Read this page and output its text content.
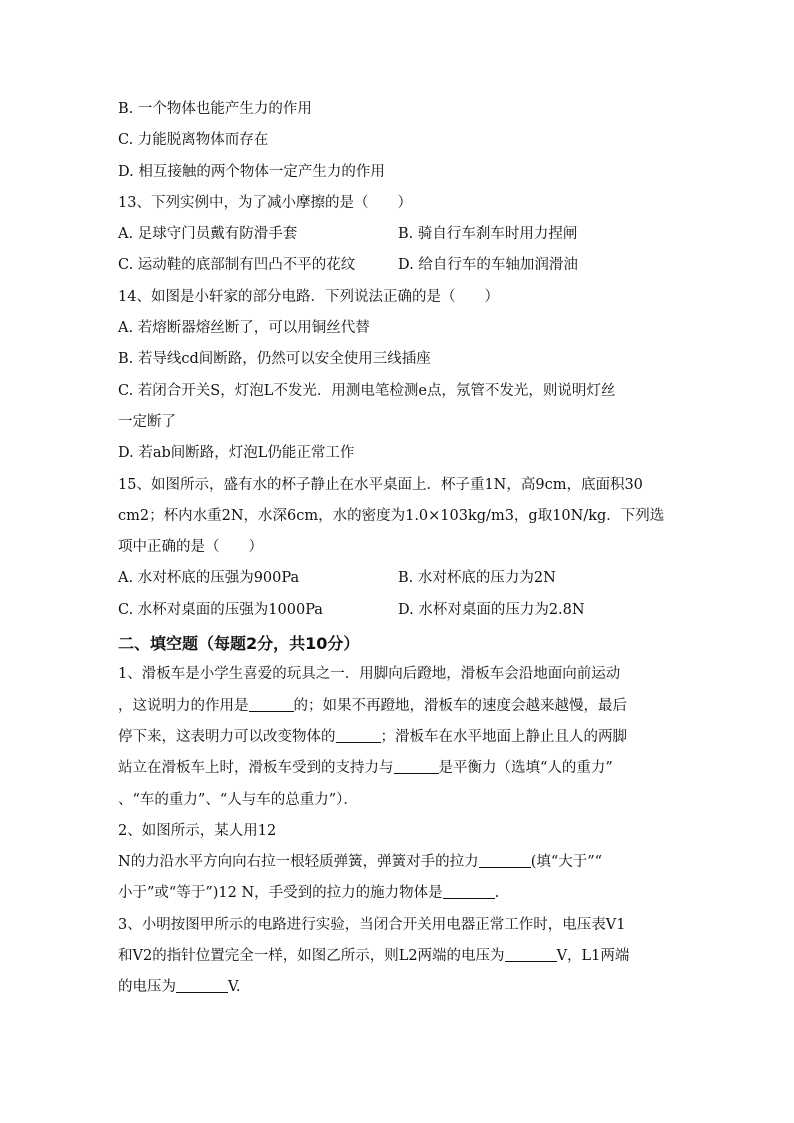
B. 一个物体也能产生力的作用
C. 力能脱离物体而存在
D. 相互接触的两个物体一定产生力的作用
13、下列实例中，为了减小摩擦的是（　　）
A. 足球守门员戴有防滑手套	B. 骑自行车刹车时用力捏闸
C. 运动鞋的底部制有凹凸不平的花纹	D. 给自行车的车轴加润滑油
14、如图是小轩家的部分电路．下列说法正确的是（　　）
A. 若熔断器熔丝断了，可以用铜丝代替
B. 若导线cd间断路，仍然可以安全使用三线插座
C. 若闭合开关S，灯泡L不发光．用测电笔检测e点，氖管不发光，则说明灯丝
一定断了
D. 若ab间断路，灯泡L仍能正常工作
15、如图所示，盛有水的杯子静止在水平桌面上．杯子重1N，高9cm，底面积30
cm2；杯内水重2N，水深6cm，水的密度为1.0×103kg/m3，g取10N/kg．下列选
项中正确的是（　　）
A. 水对杯底的压强为900Pa	B. 水对杯底的压力为2N
C. 水杯对桌面的压强为1000Pa	D. 水杯对桌面的压力为2.8N
二、填空题（每题2分，共10分）
1、滑板车是小学生喜爱的玩具之一．用脚向后蹬地，滑板车会沿地面向前运动
，这说明力的作用是	的；如果不再蹬地，滑板车的速度会越来越慢，最后
停下来，这表明力可以改变物体的	；滑板车在水平地面上静止且人的两脚
站立在滑板车上时，滑板车受到的支持力与	是平衡力（选填“人的重力”
、“车的重力”、“人与车的总重力”）．
2、如图所示，某人用12
N的力沿水平方向向右拉一根轻质弹簧，弹簧对手的拉力	(填“大于”“
小于”或“等于”)12 N，手受到的拉力的施力物体是	.
3、小明按图甲所示的电路进行实验，当闭合开关用电器正常工作时，电压表V1
和V2的指针位置完全一样，如图乙所示，则L2两端的电压为	V，L1两端
的电压为	V.
